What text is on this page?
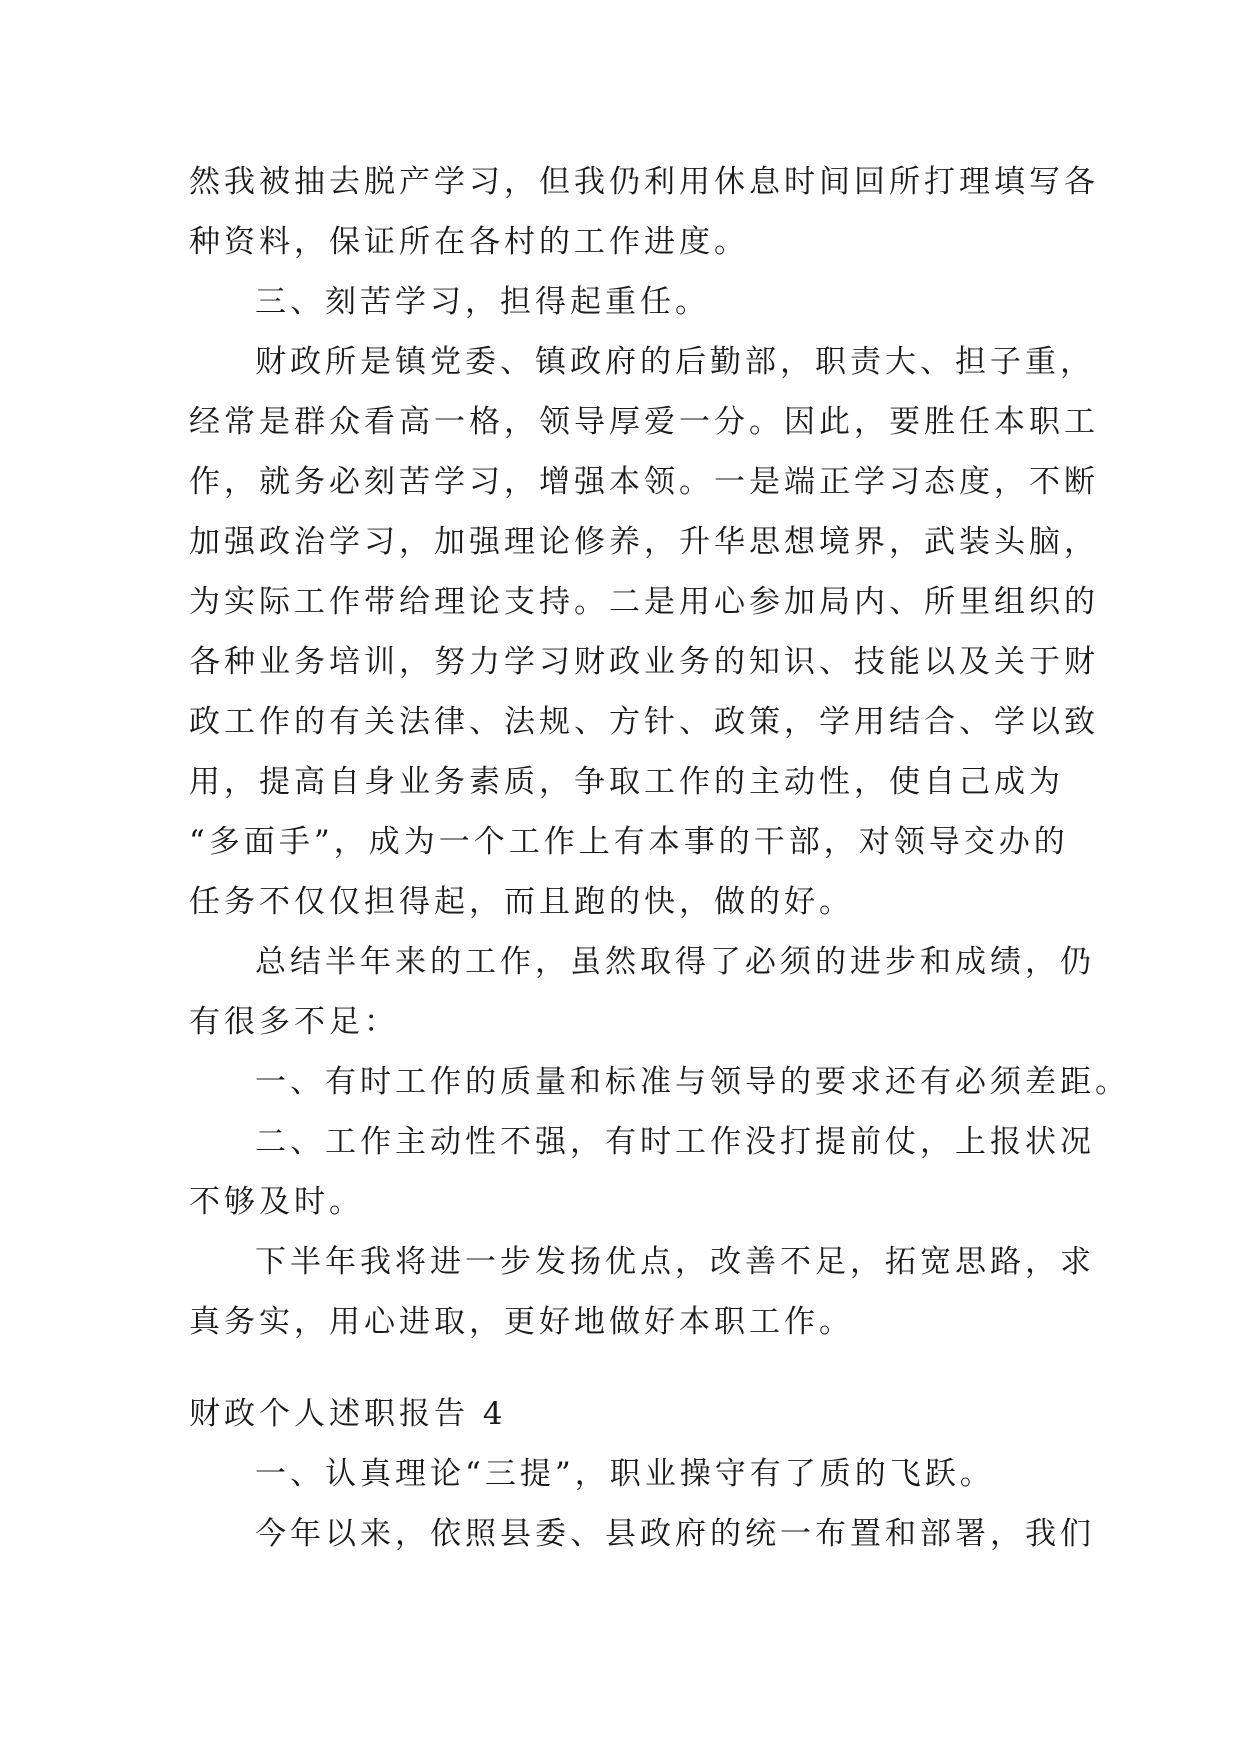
然我被抽去脱产学习，但我仍利用休息时间回所打理填写各
种资料，保证所在各村的工作进度。
三、刻苦学习，担得起重任。
财政所是镇党委、镇政府的后勤部，职责大、担子重，
经常是群众看高一格，领导厚爱一分。因此，要胜任本职工
作，就务必刻苦学习，增强本领。一是端正学习态度，不断
加强政治学习，加强理论修养，升华思想境界，武装头脑，
为实际工作带给理论支持。二是用心参加局内、所里组织的
各种业务培训，努力学习财政业务的知识、技能以及关于财
政工作的有关法律、法规、方针、政策，学用结合、学以致
用，提高自身业务素质，争取工作的主动性，使自己成为
“多面手”，成为一个工作上有本事的干部，对领导交办的
任务不仅仅担得起，而且跑的快，做的好。
总结半年来的工作，虽然取得了必须的进步和成绩，仍
有很多不足：
一、有时工作的质量和标准与领导的要求还有必须差距。
二、工作主动性不强，有时工作没打提前仗，上报状况
不够及时。
下半年我将进一步发扬优点，改善不足，拓宽思路，求
真务实，用心进取，更好地做好本职工作。
财政个人述职报告 4
一、认真理论“三提”，职业操守有了质的飞跃。
今年以来，依照县委、县政府的统一布置和部署，我们
